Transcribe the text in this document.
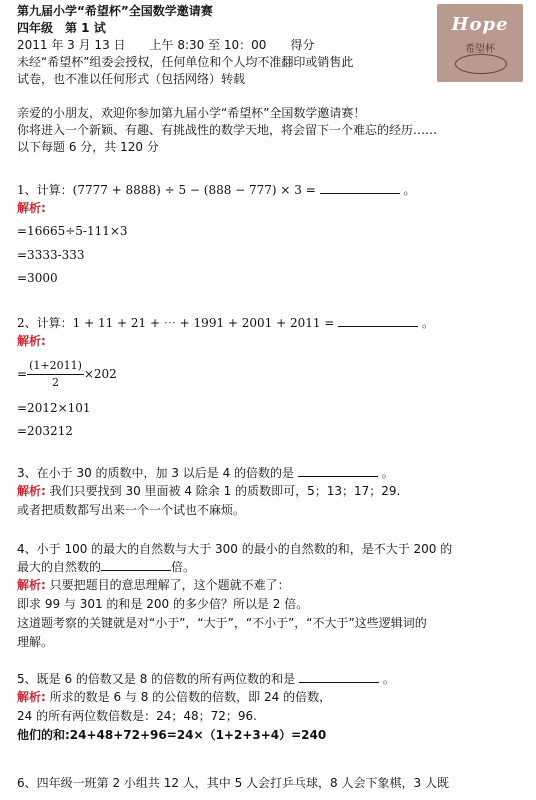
第九届小学“希望杯”全国数学邀请赛
四年级　第 1 试
2011 年 3 月 13 日　　上午 8:30 至 10：00　　得分
未经“希望杯”组委会授权，任何单位和个人均不准翻印或销售此
试卷，也不准以任何形式（包括网络）转载
Hope
希望杯
亲爱的小朋友，欢迎你参加第九届小学“希望杯”全国数学邀请赛！
你将进入一个新颖、有趣、有挑战性的数学天地，将会留下一个难忘的经历……
以下每题 6 分，共 120 分
1、计算：(7777 + 8888) ÷ 5 − (888 − 777) × 3 =	。
解析:
=16665÷5-111×3
=3333-333
=3000
2、计算：1 + 11 + 21 + ⋯ + 1991 + 2001 + 2011 =	。
解析:
= $\frac{(1+2011)}{2} \times 202$
=2012×101
=203212
3、在小于 30 的质数中，加 3 以后是 4 的倍数的是	。
解析: 我们只要找到 30 里面被 4 除余 1 的质数即可，5；13；17；29.
或者把质数都写出来一个一个试也不麻烦。
4、小于 100 的最大的自然数与大于 300 的最小的自然数的和，是不大于 200 的
最大的自然数的	倍。
解析: 只要把题目的意思理解了，这个题就不难了：
即求 99 与 301 的和是 200 的多少倍？所以是 2 倍。
这道题考察的关键就是对“小于”，“大于”，“不小于”，“不大于”这些逻辑词的
理解。
5、既是 6 的倍数又是 8 的倍数的所有两位数的和是	。
解析: 所求的数是 6 与 8 的公倍数的倍数，即 24 的倍数，
24 的所有两位数倍数是：24；48；72；96.
他们的和:24+48+72+96=24×（1+2+3+4）=240
6、四年级一班第 2 小组共 12 人，其中 5 人会打乒乓球，8 人会下象棋，3 人既
